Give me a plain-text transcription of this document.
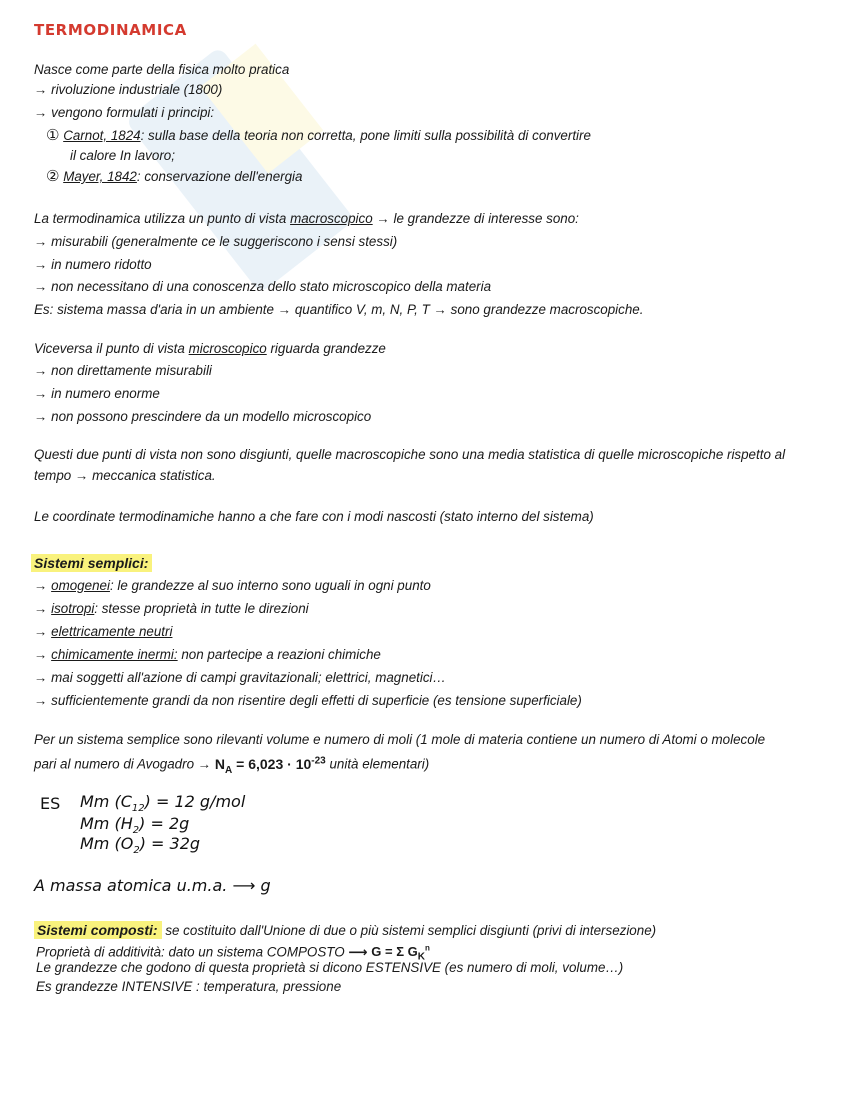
TERMODINAMICA
Nasce come parte della fisica molto pratica
→ rivoluzione industriale (1800)
→ vengono formulati i principi:
① Carnot, 1824: sulla base della teoria non corretta, pone limiti sulla possibilità di convertire
il calore In lavoro;
② Mayer, 1842: conservazione dell'energia
La termodinamica utilizza un punto di vista macroscopico → le grandezze di interesse sono:
→ misurabili (generalmente ce le suggeriscono i sensi stessi)
→ in numero ridotto
→ non necessitano di una conoscenza dello stato microscopico della materia
Es: sistema massa d'aria in un ambiente → quantifico V, m, N, P, T → sono grandezze macroscopiche.
Viceversa il punto di vista microscopico riguarda grandezze
→ non direttamente misurabili
→ in numero enorme
→ non possono prescindere da un modello microscopico
Questi due punti di vista non sono disgiunti, quelle macroscopiche sono una media statistica di quelle microscopiche rispetto al
tempo → meccanica statistica.
Le coordinate termodinamiche hanno a che fare con i modi nascosti (stato interno del sistema)
Sistemi semplici:
→ omogenei: le grandezze al suo interno sono uguali in ogni punto
→ isotropi: stesse proprietà in tutte le direzioni
→ elettricamente neutri
→ chimicamente inermi: non partecipe a reazioni chimiche
→ mai soggetti all'azione di campi gravitazionali; elettrici, magnetici…
→ sufficientemente grandi da non risentire degli effetti di superficie (es tensione superficiale)
Per un sistema semplice sono rilevanti volume e numero di moli (1 mole di materia contiene un numero di Atomi o molecole
pari al numero di Avogadro → $N_A = 6,023 \cdot 10^{-23}$ unità elementari)
ES Mm $(C_{12}) = 12$ g/mol
Mm $(H_2) = 2g$
Mm $(O_2) = 32g$
A massa atomica u.m.a. ⟶ g
Sistemi composti: se costituito dall'Unione di due o più sistemi semplici disgiunti (privi di intersezione)
Proprietà di additività: dato un sistema COMPOSTO ⟶ G = Σ $G_K^n$
Le grandezze che godono di questa proprietà si dicono ESTENSIVE (es numero di moli, volume…)
Es grandezze INTENSIVE : temperatura, pressione
